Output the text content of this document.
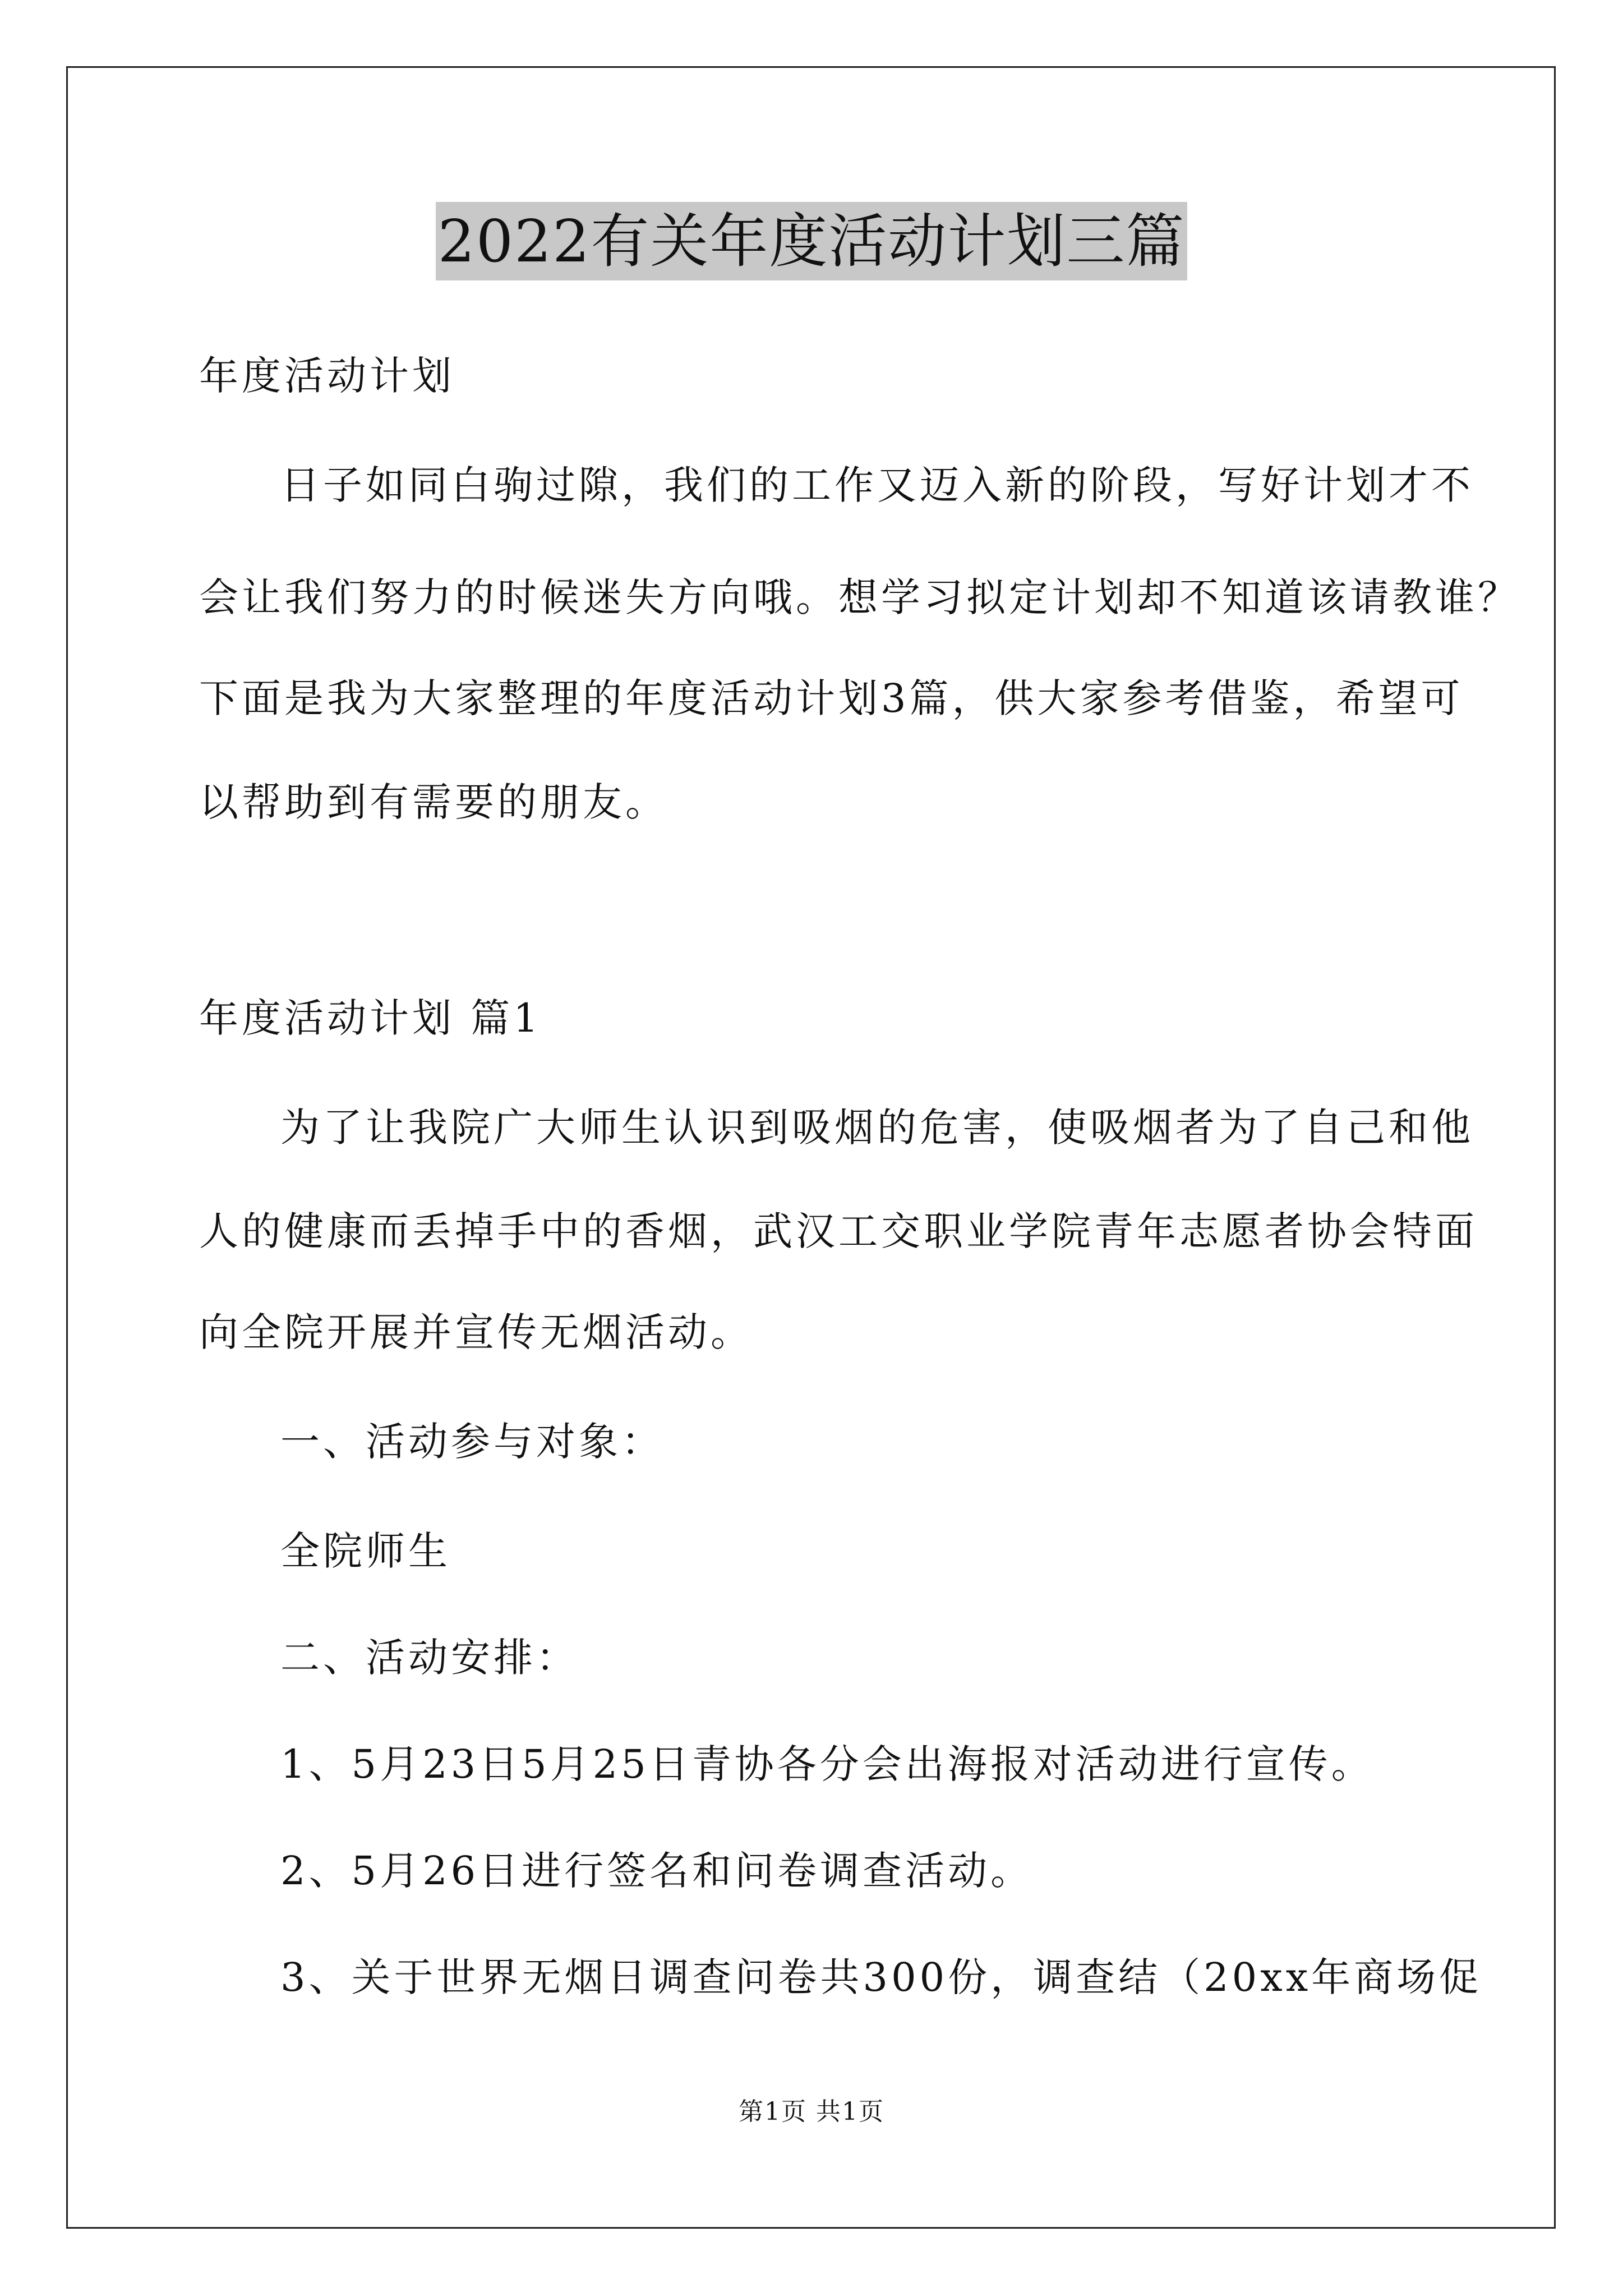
2022有关年度活动计划三篇
年度活动计划
日子如同白驹过隙，我们的工作又迈入新的阶段，写好计划才不
会让我们努力的时候迷失方向哦。想学习拟定计划却不知道该请教谁？
下面是我为大家整理的年度活动计划3篇，供大家参考借鉴，希望可
以帮助到有需要的朋友。
年度活动计划 篇1
为了让我院广大师生认识到吸烟的危害，使吸烟者为了自己和他
人的健康而丢掉手中的香烟，武汉工交职业学院青年志愿者协会特面
向全院开展并宣传无烟活动。
一、活动参与对象：
全院师生
二、活动安排：
1、5月23日5月25日青协各分会出海报对活动进行宣传。
2、5月26日进行签名和问卷调查活动。
3、关于世界无烟日调查问卷共300份，调查结（20xx年商场促
第1页 共1页
